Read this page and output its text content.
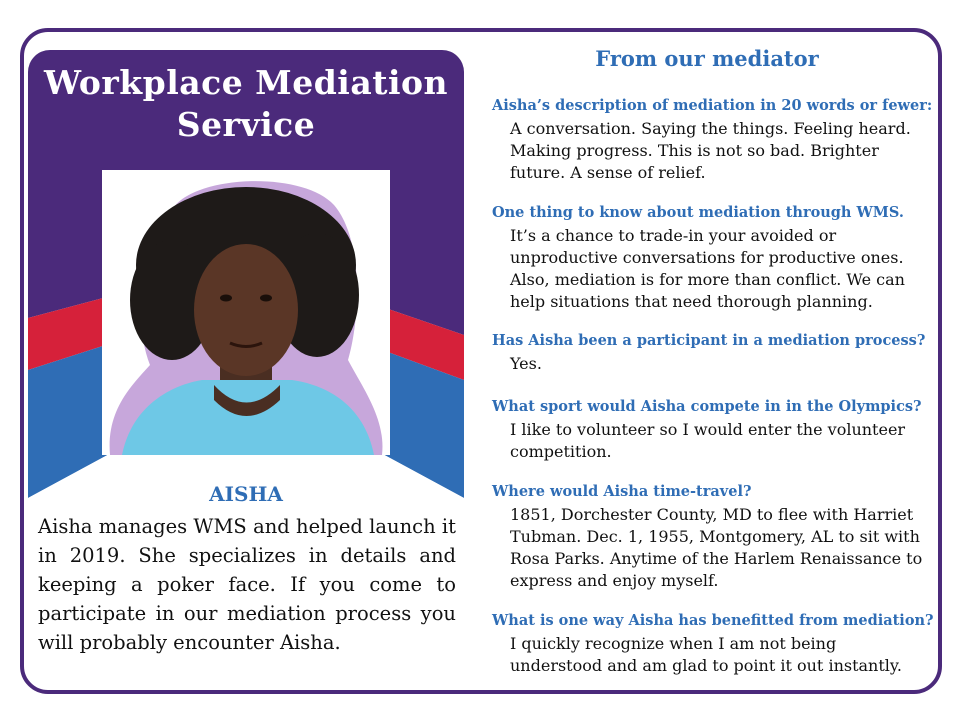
Workplace Mediation
Service
AISHA
Aisha manages WMS and helped launch it in 2019. She specializes in details and keeping a poker face. If you come to participate in our mediation process you will probably encounter Aisha.
From our mediator
Aisha’s description of mediation in 20 words or fewer:
A conversation. Saying the things. Feeling heard. Making progress. This is not so bad. Brighter future. A sense of relief.
One thing to know about mediation through WMS.
It’s a chance to trade-in your avoided or unproductive conversations for productive ones. Also, mediation is for more than conflict. We can help situations that need thorough planning.
Has Aisha been a participant in a mediation process?
Yes.
What sport would Aisha compete in in the Olympics?
I like to volunteer so I would enter the volunteer competition.
Where would Aisha time-travel?
1851, Dorchester County, MD to flee with Harriet Tubman. Dec. 1, 1955, Montgomery, AL to sit with Rosa Parks. Anytime of the Harlem Renaissance to express and enjoy myself.
What is one way Aisha has benefitted from mediation?
I quickly recognize when I am not being understood and am glad to point it out instantly.
